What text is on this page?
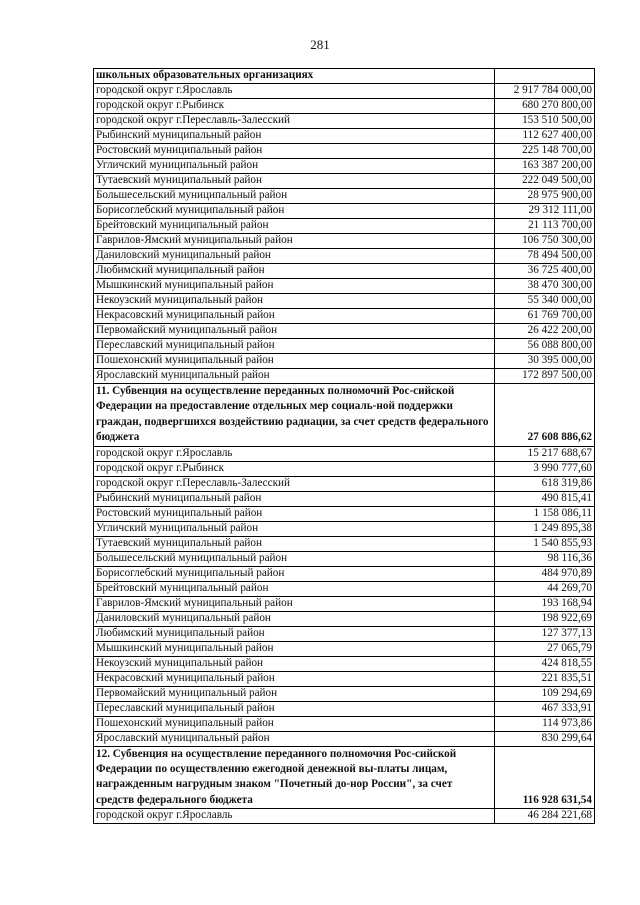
281
школьных образовательных организациях	
городской округ г.Ярославль	2 917 784 000,00
городской округ г.Рыбинск	680 270 800,00
городской округ г.Переславль-Залесский	153 510 500,00
Рыбинский муниципальный район	112 627 400,00
Ростовский муниципальный район	225 148 700,00
Угличский муниципальный район	163 387 200,00
Тутаевский муниципальный район	222 049 500,00
Большесельский муниципальный район	28 975 900,00
Борисоглебский муниципальный район	29 312 111,00
Брейтовский муниципальный район	21 113 700,00
Гаврилов-Ямский муниципальный район	106 750 300,00
Даниловский муниципальный район	78 494 500,00
Любимский муниципальный район	36 725 400,00
Мышкинский муниципальный район	38 470 300,00
Некоузский муниципальный район	55 340 000,00
Некрасовский муниципальный район	61 769 700,00
Первомайский муниципальный район	26 422 200,00
Переславский муниципальный район	56 088 800,00
Пошехонский муниципальный район	30 395 000,00
Ярославский муниципальный район	172 897 500,00
11. Субвенция на осуществление переданных полномочий Рос-сийской Федерации на предоставление отдельных мер социаль-ной поддержки граждан, подвергшихся воздействию радиации, за счет средств федерального бюджета	27 608 886,62
городской округ г.Ярославль	15 217 688,67
городской округ г.Рыбинск	3 990 777,60
городской округ г.Переславль-Залесский	618 319,86
Рыбинский муниципальный район	490 815,41
Ростовский муниципальный район	1 158 086,11
Угличский муниципальный район	1 249 895,38
Тутаевский муниципальный район	1 540 855,93
Большесельский муниципальный район	98 116,36
Борисоглебский муниципальный район	484 970,89
Брейтовский муниципальный район	44 269,70
Гаврилов-Ямский муниципальный район	193 168,94
Даниловский муниципальный район	198 922,69
Любимский муниципальный район	127 377,13
Мышкинский муниципальный район	27 065,79
Некоузский муниципальный район	424 818,55
Некрасовский муниципальный район	221 835,51
Первомайский муниципальный район	109 294,69
Переславский муниципальный район	467 333,91
Пошехонский муниципальный район	114 973,86
Ярославский муниципальный район	830 299,64
12. Субвенция на осуществление переданного полномочия Рос-сийской Федерации по осуществлению ежегодной денежной вы-платы лицам, награжденным нагрудным знаком "Почетный до-нор России", за счет средств федерального бюджета	116 928 631,54
городской округ г.Ярославль	46 284 221,68
